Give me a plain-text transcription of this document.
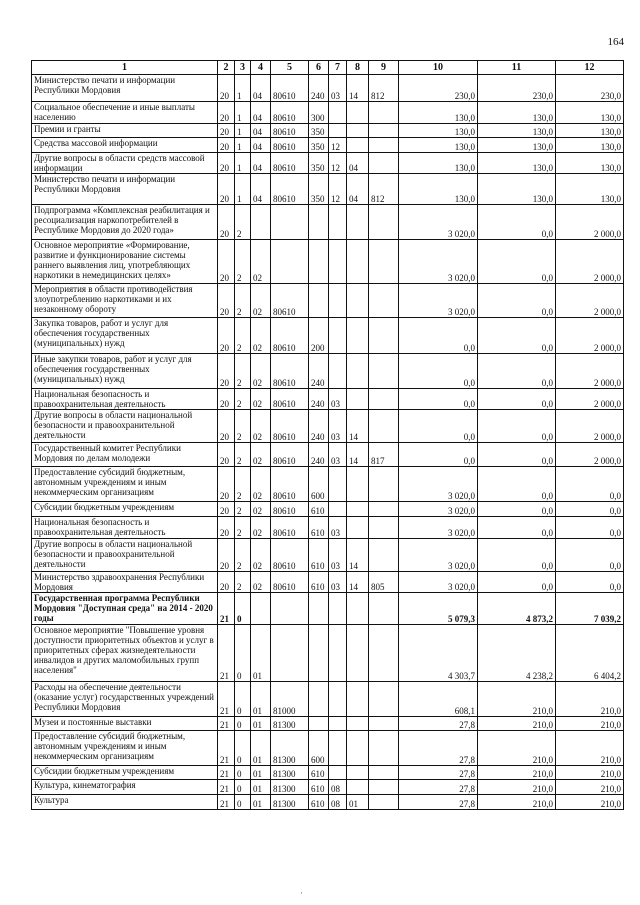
164
1	2	3	4	5	6	7	8	9	10	11	12
Министерство печати и информации Республики Мордовия	20	1	04	80610	240	03	14	812	230,0	230,0	230,0
Социальное обеспечение и иные выплаты населению	20	1	04	80610	300				130,0	130,0	130,0
Премии и гранты	20	1	04	80610	350				130,0	130,0	130,0
Средства массовой информации	20	1	04	80610	350	12			130,0	130,0	130,0
Другие вопросы в области средств массовой информации	20	1	04	80610	350	12	04		130,0	130,0	130,0
Министерство печати и информации Республики Мордовия	20	1	04	80610	350	12	04	812	130,0	130,0	130,0
Подпрограмма «Комплексная реабилитация и ресоциализация наркопотребителей в Республике Мордовия до 2020 года»	20	2							3 020,0	0,0	2 000,0
Основное мероприятие «Формирование, развитие и функционирование системы раннего выявления лиц, употребляющих наркотики в немедицинских целях»	20	2	02						3 020,0	0,0	2 000,0
Мероприятия в области противодействия злоупотреблению наркотиками и их незаконному обороту	20	2	02	80610					3 020,0	0,0	2 000,0
Закупка товаров, работ и услуг для обеспечения государственных (муниципальных) нужд	20	2	02	80610	200				0,0	0,0	2 000,0
Иные закупки товаров, работ и услуг для обеспечения государственных (муниципальных) нужд	20	2	02	80610	240				0,0	0,0	2 000,0
Национальная безопасность и правоохранительная деятельность	20	2	02	80610	240	03			0,0	0,0	2 000,0
Другие вопросы в области национальной безопасности и правоохранительной деятельности	20	2	02	80610	240	03	14		0,0	0,0	2 000,0
Государственный комитет Республики Мордовия по делам молодежи	20	2	02	80610	240	03	14	817	0,0	0,0	2 000,0
Предоставление субсидий бюджетным, автономным учреждениям и иным некоммерческим организациям	20	2	02	80610	600				3 020,0	0,0	0,0
Субсидии бюджетным учреждениям	20	2	02	80610	610				3 020,0	0,0	0,0
Национальная безопасность и правоохранительная деятельность	20	2	02	80610	610	03			3 020,0	0,0	0,0
Другие вопросы в области национальной безопасности и правоохранительной деятельности	20	2	02	80610	610	03	14		3 020,0	0,0	0,0
Министерство здравоохранения Республики Мордовия	20	2	02	80610	610	03	14	805	3 020,0	0,0	0,0
Государственная программа Республики Мордовия "Доступная среда" на 2014 - 2020 годы	21	0							5 079,3	4 873,2	7 039,2
Основное мероприятие "Повышение уровня доступности приоритетных объектов и услуг в приоритетных сферах жизнедеятельности инвалидов и других маломобильных групп населения"	21	0	01						4 303,7	4 238,2	6 404,2
Расходы на обеспечение деятельности (оказание услуг) государственных учреждений Республики Мордовия	21	0	01	81000					608,1	210,0	210,0
Музеи и постоянные выставки	21	0	01	81300					27,8	210,0	210,0
Предоставление субсидий бюджетным, автономным учреждениям и иным некоммерческим организациям	21	0	01	81300	600				27,8	210,0	210,0
Субсидии бюджетным учреждениям	21	0	01	81300	610				27,8	210,0	210,0
Культура, кинематография	21	0	01	81300	610	08			27,8	210,0	210,0
Культура	21	0	01	81300	610	08	01		27,8	210,0	210,0
·
